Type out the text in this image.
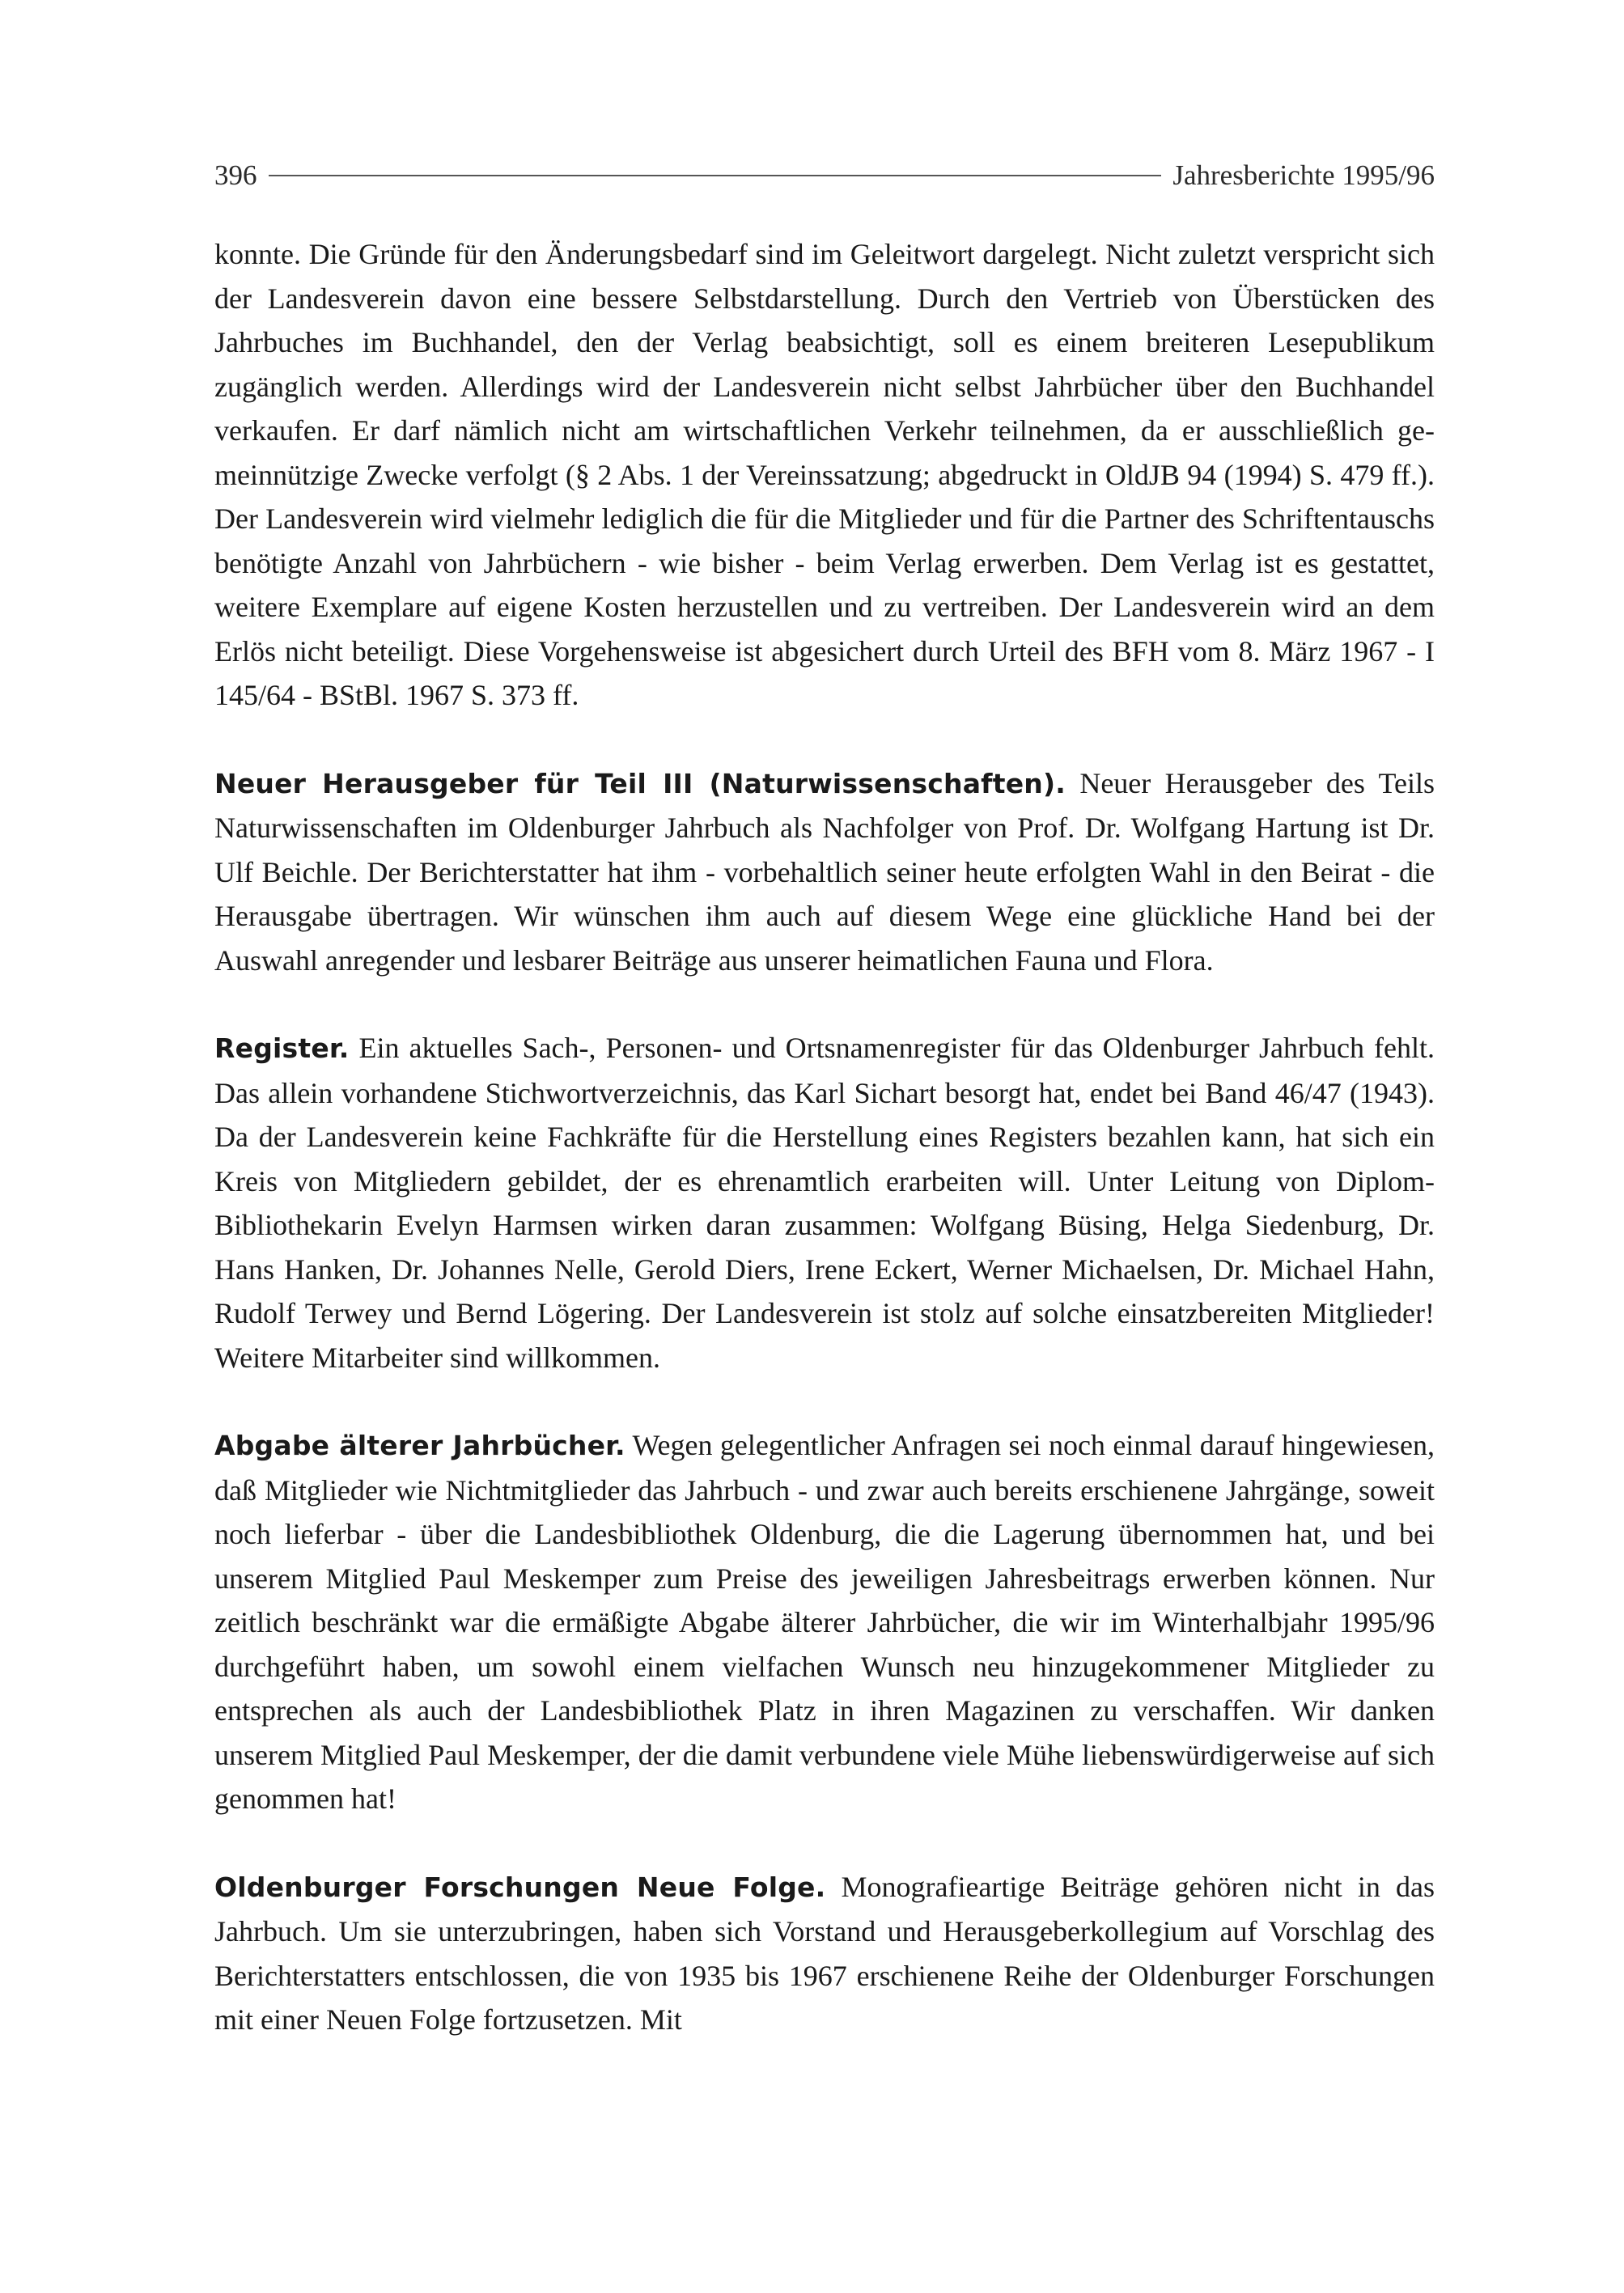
396	Jahresberichte 1995/96

konnte. Die Gründe für den Änderungsbedarf sind im Geleitwort dargelegt. Nicht zuletzt verspricht sich der Landesverein davon eine bessere Selbstdarstellung. Durch den Vertrieb von Überstücken des Jahrbuches im Buchhandel, den der Verlag beabsichtigt, soll es einem breiteren Lesepublikum zugänglich werden. Allerdings wird der Landesverein nicht selbst Jahrbücher über den Buchhandel verkaufen. Er darf nämlich nicht am wirtschaftlichen Verkehr teilnehmen, da er ausschließlich gemeinnützige Zwecke verfolgt (§ 2 Abs. 1 der Vereinssatzung; abgedruckt in OldJB 94 (1994) S. 479 ff.). Der Landesverein wird vielmehr lediglich die für die Mitglieder und für die Partner des Schriftentauschs benötigte Anzahl von Jahrbüchern - wie bisher - beim Verlag erwerben. Dem Verlag ist es gestattet, weitere Exemplare auf eigene Kosten herzustellen und zu vertreiben. Der Landesverein wird an dem Erlös nicht beteiligt. Diese Vorgehensweise ist abgesichert durch Urteil des BFH vom 8. März 1967 - I 145/64 - BStBl. 1967 S. 373 ff.

Neuer Herausgeber für Teil III (Naturwissenschaften). Neuer Herausgeber des Teils Naturwissenschaften im Oldenburger Jahrbuch als Nachfolger von Prof. Dr. Wolfgang Hartung ist Dr. Ulf Beichle. Der Berichterstatter hat ihm - vorbehaltlich seiner heute erfolgten Wahl in den Beirat - die Herausgabe übertragen. Wir wünschen ihm auch auf diesem Wege eine glückliche Hand bei der Auswahl anregender und lesbarer Beiträge aus unserer heimatlichen Fauna und Flora.

Register. Ein aktuelles Sach-, Personen- und Ortsnamenregister für das Oldenburger Jahrbuch fehlt. Das allein vorhandene Stichwortverzeichnis, das Karl Sichart besorgt hat, endet bei Band 46/47 (1943). Da der Landesverein keine Fachkräfte für die Herstellung eines Registers bezahlen kann, hat sich ein Kreis von Mitgliedern gebildet, der es ehrenamtlich erarbeiten will. Unter Leitung von Diplom-Bibliothekarin Evelyn Harmsen wirken daran zusammen: Wolfgang Büsing, Helga Siedenburg, Dr. Hans Hanken, Dr. Johannes Nelle, Gerold Diers, Irene Eckert, Werner Michaelsen, Dr. Michael Hahn, Rudolf Terwey und Bernd Lögering. Der Landesverein ist stolz auf solche einsatzbereiten Mitglieder! Weitere Mitarbeiter sind willkommen.

Abgabe älterer Jahrbücher. Wegen gelegentlicher Anfragen sei noch einmal darauf hingewiesen, daß Mitglieder wie Nichtmitglieder das Jahrbuch - und zwar auch bereits erschienene Jahrgänge, soweit noch lieferbar - über die Landesbibliothek Oldenburg, die die Lagerung übernommen hat, und bei unserem Mitglied Paul Meskemper zum Preise des jeweiligen Jahresbeitrags erwerben können. Nur zeitlich beschränkt war die ermäßigte Abgabe älterer Jahrbücher, die wir im Winterhalbjahr 1995/96 durchgeführt haben, um sowohl einem vielfachen Wunsch neu hinzugekommener Mitglieder zu entsprechen als auch der Landesbibliothek Platz in ihren Magazinen zu verschaffen. Wir danken unserem Mitglied Paul Meskemper, der die damit verbundene viele Mühe liebenswürdigerweise auf sich genommen hat!

Oldenburger Forschungen Neue Folge. Monografieartige Beiträge gehören nicht in das Jahrbuch. Um sie unterzubringen, haben sich Vorstand und Herausgeberkollegium auf Vorschlag des Berichterstatters entschlossen, die von 1935 bis 1967 erschienene Reihe der Oldenburger Forschungen mit einer Neuen Folge fortzusetzen. Mit
